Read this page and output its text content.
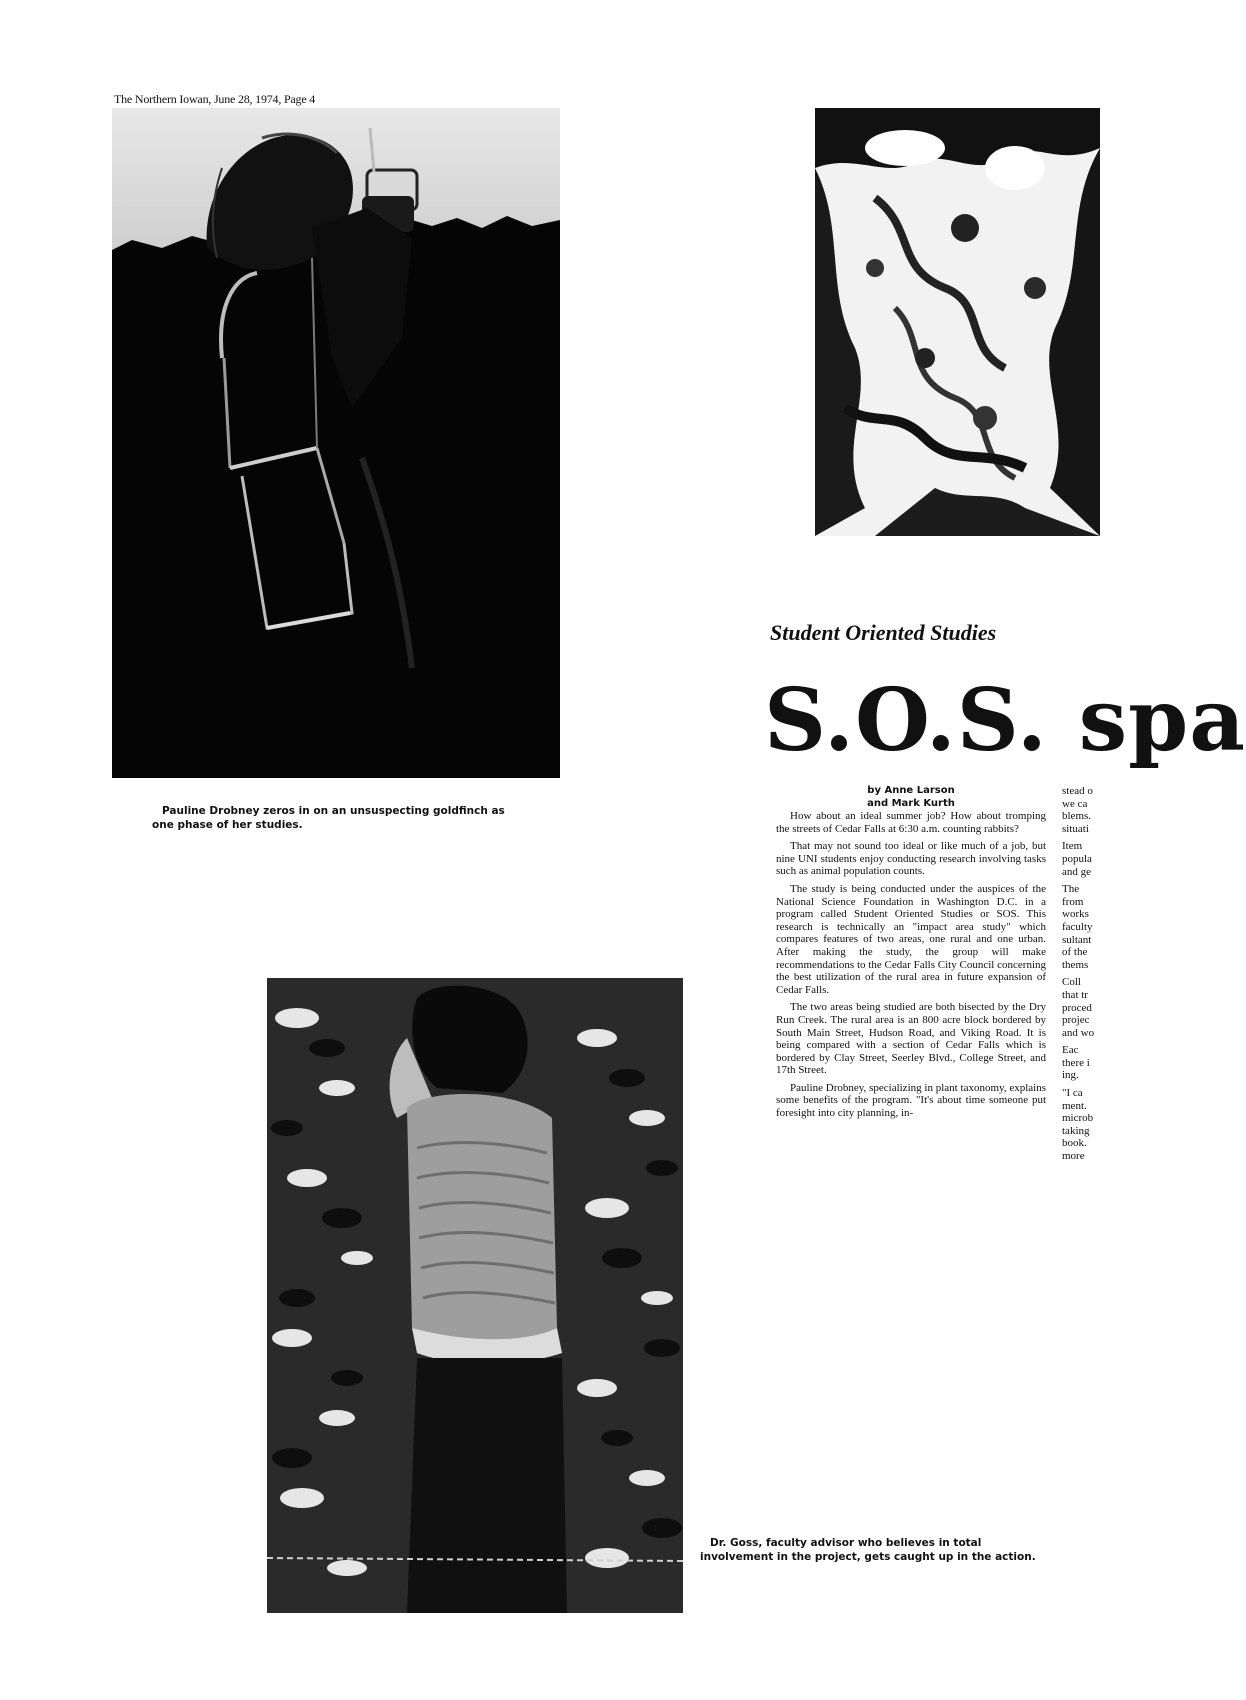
The Northern Iowan, June 28, 1974, Page 4
Pauline Drobney zeros in on an unsuspecting goldfinch as one phase of her studies.
Student Oriented Studies
S.O.S. spa
by Anne Larson
and Mark Kurth

How about an ideal summer job? How about tromping the streets of Cedar Falls at 6:30 a.m. counting rabbits?

That may not sound too ideal or like much of a job, but nine UNI students enjoy conducting research involving tasks such as animal population counts.

The study is being conducted under the auspices of the National Science Foundation in Washington D.C. in a program called Student Oriented Studies or SOS. This research is technically an "impact area study" which compares features of two areas, one rural and one urban. After making the study, the group will make recommendations to the Cedar Falls City Council concerning the best utilization of the rural area in future expansion of Cedar Falls.

The two areas being studied are both bisected by the Dry Run Creek. The rural area is an 800 acre block bordered by South Main Street, Hudson Road, and Viking Road. It is being compared with a section of Cedar Falls which is bordered by Clay Street, Seerley Blvd., College Street, and 17th Street.

Pauline Drobney, specializing in plant taxonomy, explains some benefits of the program. "It's about time someone put foresight into city planning, in-

stead o
we ca
blems.
situati

Item
popula
and ge

The
from
works
faculty
sultant
of the
thems

Coll
that tr
proced
projec
and wo

Eac
there i
ing.

"I ca
ment.
microb
taking
book.
more

Dr. Goss, faculty advisor who believes in total involvement in the project, gets caught up in the action.
